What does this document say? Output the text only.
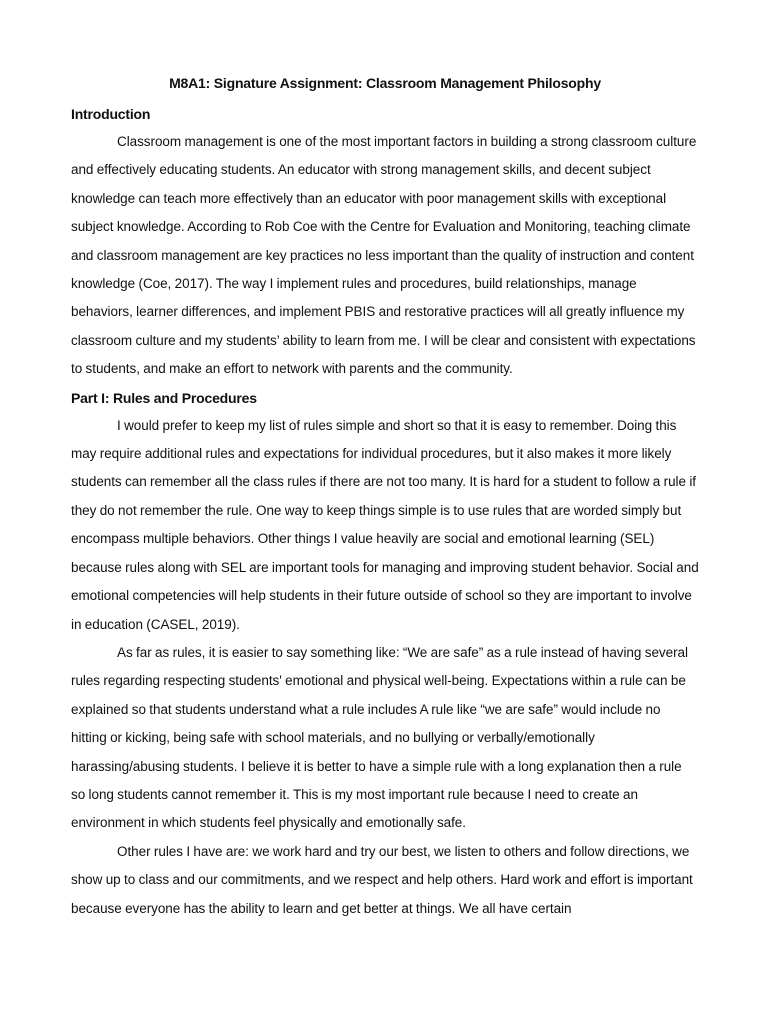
M8A1: Signature Assignment: Classroom Management Philosophy
Introduction

Classroom management is one of the most important factors in building a strong classroom culture and effectively educating students. An educator with strong management skills, and decent subject knowledge can teach more effectively than an educator with poor management skills with exceptional subject knowledge. According to Rob Coe with the Centre for Evaluation and Monitoring, teaching climate and classroom management are key practices no less important than the quality of instruction and content knowledge (Coe, 2017). The way I implement rules and procedures, build relationships, manage behaviors, learner differences, and implement PBIS and restorative practices will all greatly influence my classroom culture and my students’ ability to learn from me. I will be clear and consistent with expectations to students, and make an effort to network with parents and the community.

Part I: Rules and Procedures

I would prefer to keep my list of rules simple and short so that it is easy to remember. Doing this may require additional rules and expectations for individual procedures, but it also makes it more likely students can remember all the class rules if there are not too many. It is hard for a student to follow a rule if they do not remember the rule. One way to keep things simple is to use rules that are worded simply but encompass multiple behaviors. Other things I value heavily are social and emotional learning (SEL) because rules along with SEL are important tools for managing and improving student behavior. Social and emotional competencies will help students in their future outside of school so they are important to involve in education (CASEL, 2019).

As far as rules, it is easier to say something like: “We are safe” as a rule instead of having several rules regarding respecting students' emotional and physical well-being. Expectations within a rule can be explained so that students understand what a rule includes A rule like “we are safe” would include no hitting or kicking, being safe with school materials, and no bullying or verbally/emotionally harassing/abusing students. I believe it is better to have a simple rule with a long explanation then a rule so long students cannot remember it. This is my most important rule because I need to create an environment in which students feel physically and emotionally safe.

Other rules I have are: we work hard and try our best, we listen to others and follow directions, we show up to class and our commitments, and we respect and help others. Hard work and effort is important because everyone has the ability to learn and get better at things. We all have certain
